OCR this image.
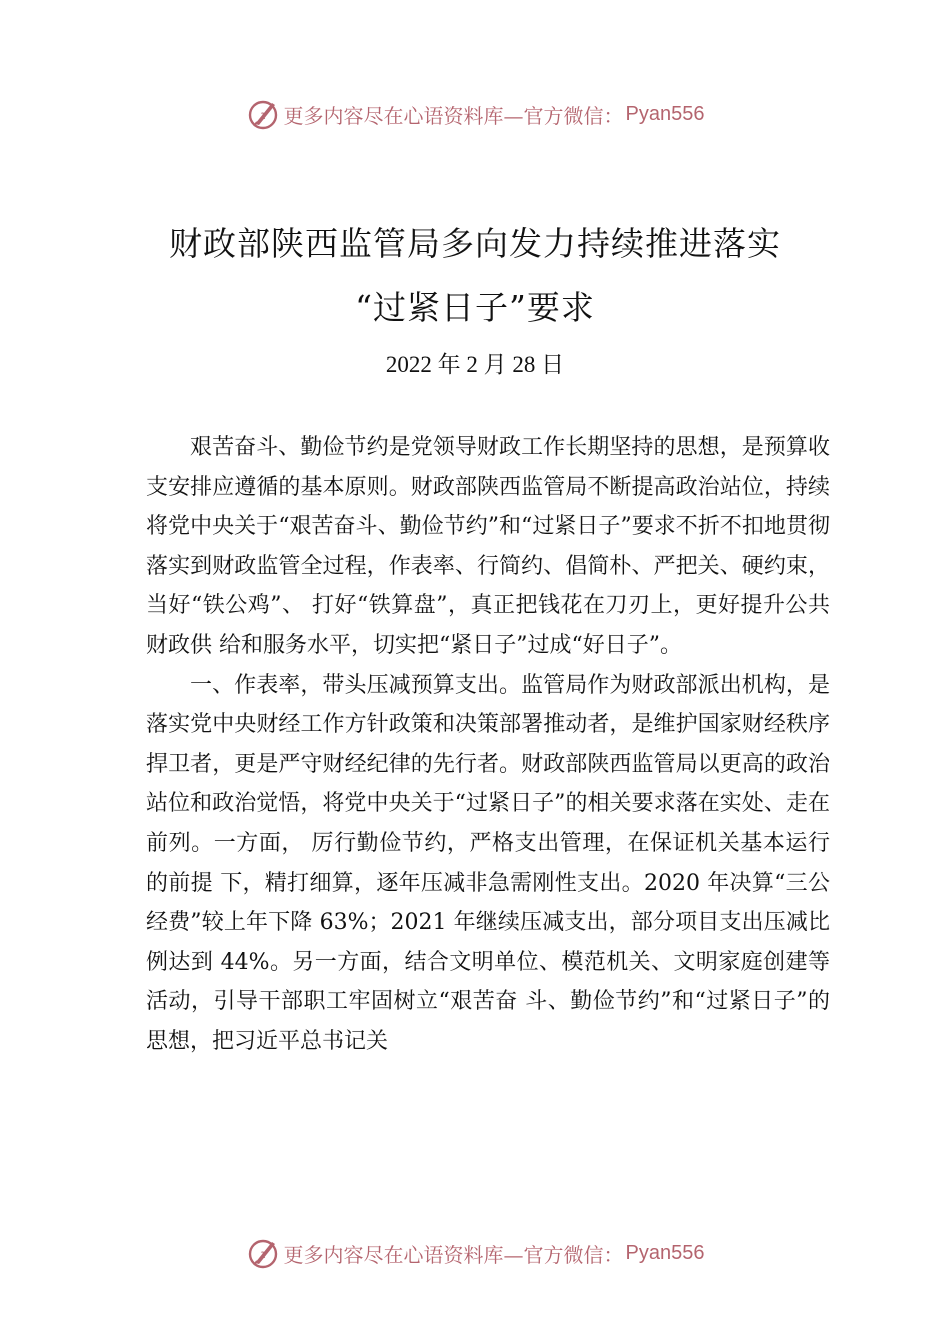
1 更多内容尽在心语资料库—官方微信： Pyan556
财政部陕西监管局多向发力持续推进落实
“过紧日子”要求
2022 年 2 月 28 日

艰苦奋斗、勤俭节约是党领导财政工作长期坚持的思想，是预算收支安排应遵循的基本原则。财政部陕西监管局不断提高政治站位，持续将党中央关于“艰苦奋斗、勤俭节约”和“过紧日子”要求不折不扣地贯彻落实到财政监管全过程，作表率、行简约、倡简朴、严把关、硬约束，当好“铁公鸡”、 打好“铁算盘”，真正把钱花在刀刃上，更好提升公共财政供 给和服务水平，切实把“紧日子”过成“好日子”。

一、作表率，带头压减预算支出。监管局作为财政部派出机构，是落实党中央财经工作方针政策和决策部署推动者，是维护国家财经秩序捍卫者，更是严守财经纪律的先行者。财政部陕西监管局以更高的政治站位和政治觉悟，将党中央关于“过紧日子”的相关要求落在实处、走在前列。一方面， 厉行勤俭节约，严格支出管理，在保证机关基本运行的前提 下，精打细算，逐年压减非急需刚性支出。2020 年决算“三公经费”较上年下降 63%；2021 年继续压减支出，部分项目支出压减比例达到 44%。另一方面，结合文明单位、模范机关、文明家庭创建等活动，引导干部职工牢固树立“艰苦奋 斗、勤俭节约”和“过紧日子”的思想，把习近平总书记关

1 更多内容尽在心语资料库—官方微信： Pyan556
